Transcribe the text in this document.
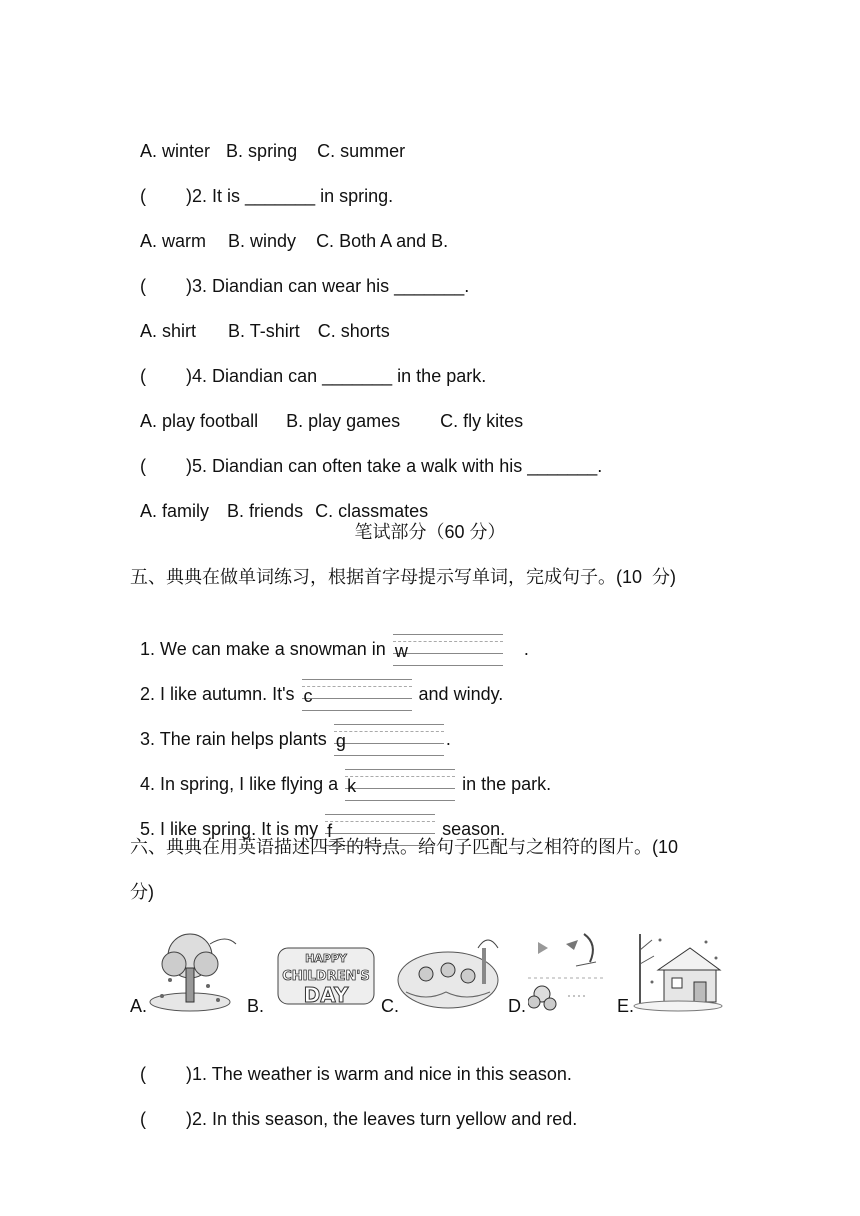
A. winter B. spring C. summer

( )2. It is _______ in spring.

A. warm B. windy C. Both A and B.

( )3. Diandian can wear his _______.

A. shirt B. T-shirt C. shorts

( )4. Diandian can _______ in the park.

A. play football B. play games C. fly kites

( )5. Diandian can often take a walk with his _______.

A. family B. friends C. classmates

笔试部分（60 分）
五、典典在做单词练习，根据首字母提示写单词，完成句子。(10  分)

1. We can make a snowman in w	.

2. I like autumn. It's c	and windy.

3. The rain helps plants g	.

4. In spring, I like flying a k	in the park.

5. I like spring. It is my f	season.

六、典典在用英语描述四季的特点。给句子匹配与之相符的图片。(10
分)
A.	B.
HAPPY
CHILDREN'S
DAY C.	D.	E.

( )1. The weather is warm and nice in this season.

( )2. In this season, the leaves turn yellow and red.
